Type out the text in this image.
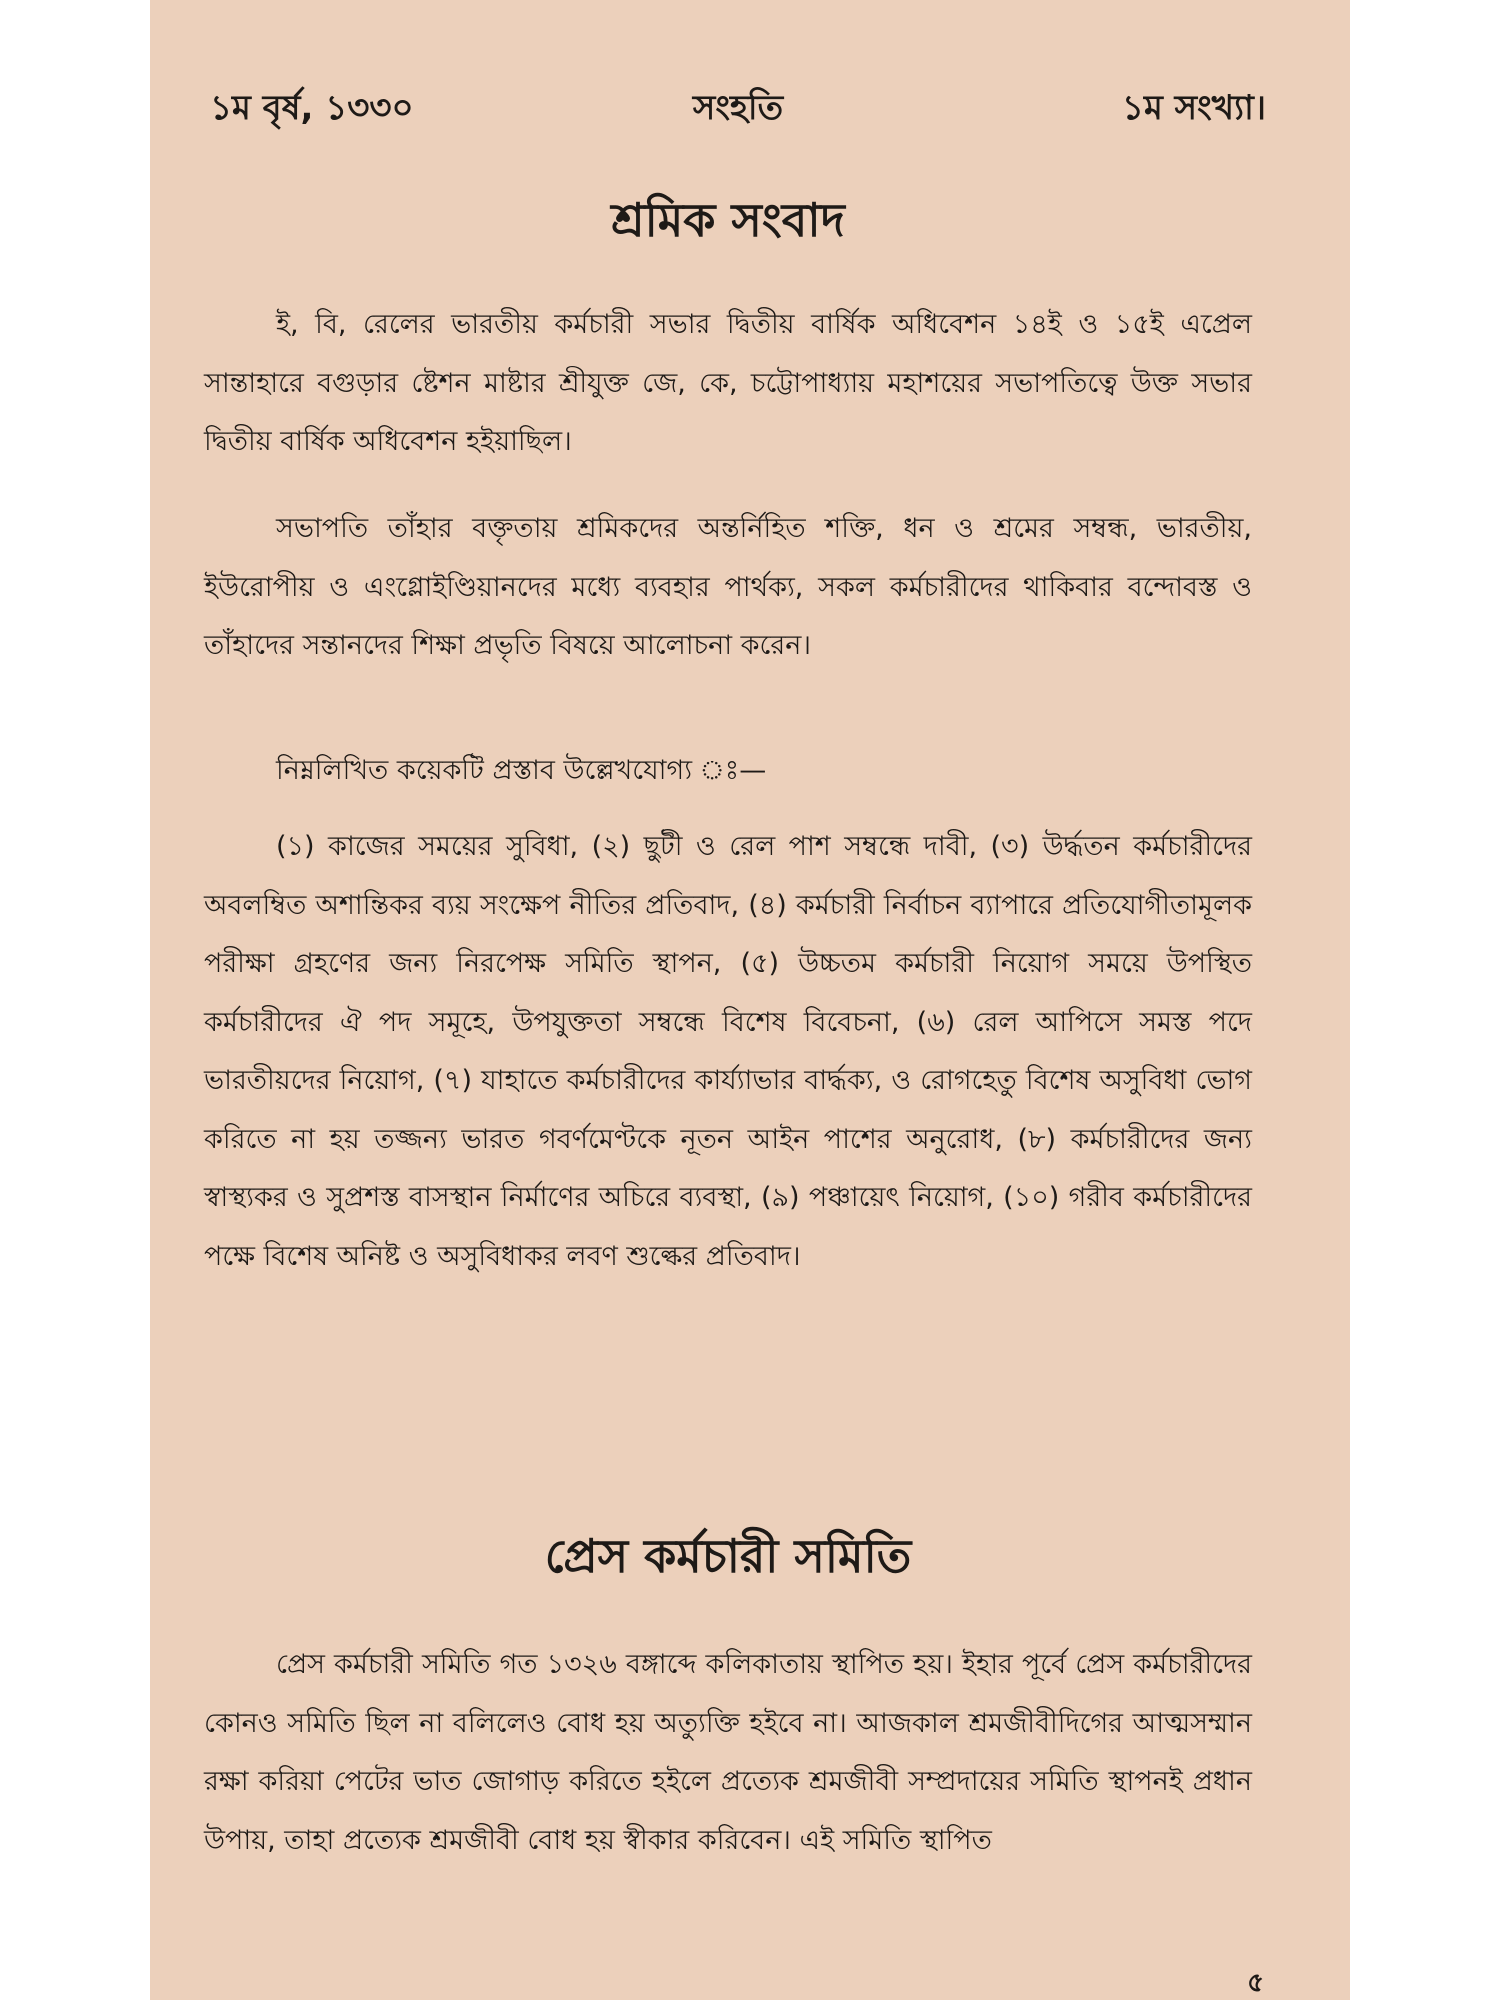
১ম বৃর্ষ, ১৩৩০	সংহতি	১ম সংখ্যা।
শ্রমিক সংবাদ

ই, বি, রেলের ভারতীয় কর্মচারী সভার দ্বিতীয় বার্ষিক অধিবেশন ১৪ই ও ১৫ই এপ্রেল সান্তাহারে বগুড়ার ষ্টেশন মাষ্টার শ্রীযুক্ত জে, কে, চট্টোপাধ্যায় মহাশয়ের সভাপতিত্বে উক্ত সভার দ্বিতীয় বার্ষিক অধিবেশন হইয়াছিল।

সভাপতি তাঁহার বক্তৃতায় শ্রমিকদের অন্তর্নিহিত শক্তি, ধন ও শ্রমের সম্বন্ধ, ভারতীয়, ইউরোপীয় ও এংগ্লোইণ্ডিয়ানদের মধ্যে ব্যবহার পার্থক্য, সকল কর্মচারীদের থাকিবার বন্দোবস্ত ও তাঁহাদের সন্তানদের শিক্ষা প্রভৃতি বিষয়ে আলোচনা করেন।

নিম্নলিখিত কয়েকটি প্রস্তাব উল্লেখযোগ্য ঃ—

(১) কাজের সময়ের সুবিধা, (২) ছুটী ও রেল পাশ সম্বন্ধে দাবী, (৩) উর্দ্ধতন কর্মচারীদের অবলম্বিত অশান্তিকর ব্যয় সংক্ষেপ নীতির প্রতিবাদ, (৪) কর্মচারী নির্বাচন ব্যাপারে প্রতিযোগীতামূলক পরীক্ষা গ্রহণের জন্য নিরপেক্ষ সমিতি স্থাপন, (৫) উচ্চতম কর্মচারী নিয়োগ সময়ে উপস্থিত কর্মচারীদের ঐ পদ সমূহে, উপযুক্ততা সম্বন্ধে বিশেষ বিবেচনা, (৬) রেল আপিসে সমস্ত পদে ভারতীয়দের নিয়োগ, (৭) যাহাতে কর্মচারীদের কার্য্যাভার বার্দ্ধক্য, ও রোগহেতু বিশেষ অসুবিধা ভোগ করিতে না হয় তজ্জন্য ভারত গবর্ণমেণ্টকে নূতন আইন পাশের অনুরোধ, (৮) কর্মচারীদের জন্য স্বাস্থ্যকর ও সুপ্রশস্ত বাসস্থান নির্মাণের অচিরে ব্যবস্থা, (৯) পঞ্চায়েৎ নিয়োগ, (১০) গরীব কর্মচারীদের পক্ষে বিশেষ অনিষ্ট ও অসুবিধাকর লবণ শুল্কের প্রতিবাদ।

প্রেস কর্মচারী সমিতি

প্রেস কর্মচারী সমিতি গত ১৩২৬ বঙ্গাব্দে কলিকাতায় স্থাপিত হয়। ইহার পূর্বে প্রেস কর্মচারীদের কোনও সমিতি ছিল না বলিলেও বোধ হয় অত্যুক্তি হইবে না। আজকাল শ্রমজীবীদিগের আত্মসম্মান রক্ষা করিয়া পেটের ভাত জোগাড় করিতে হইলে প্রত্যেক শ্রমজীবী সম্প্রদায়ের সমিতি স্থাপনই প্রধান উপায়, তাহা প্রত্যেক শ্রমজীবী বোধ হয় স্বীকার করিবেন। এই সমিতি স্থাপিত

৫
